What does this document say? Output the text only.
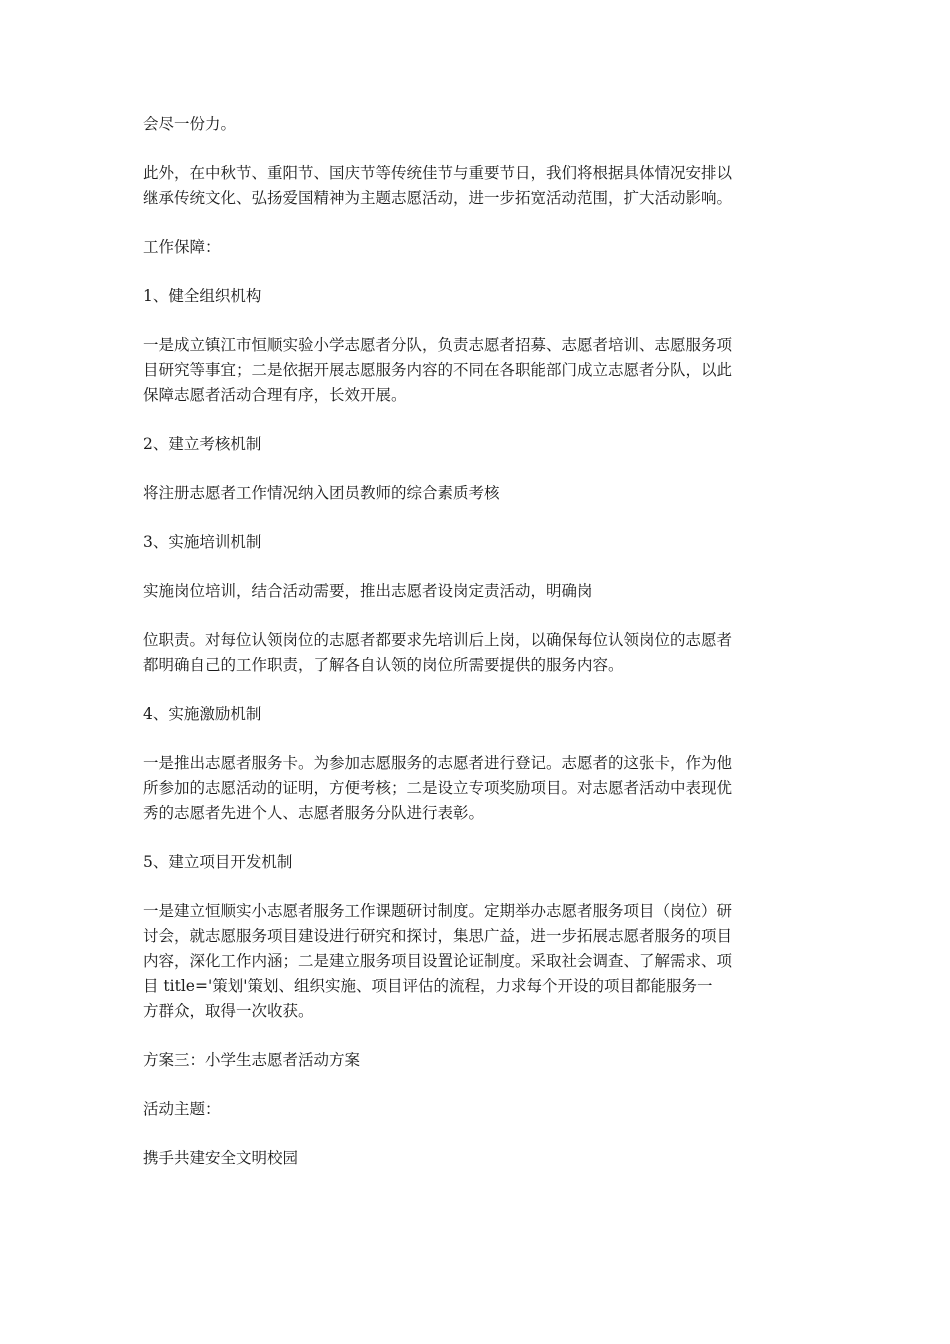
会尽一份力。

此外，在中秋节、重阳节、国庆节等传统佳节与重要节日，我们将根据具体情况安排以
继承传统文化、弘扬爱国精神为主题志愿活动，进一步拓宽活动范围，扩大活动影响。

工作保障：

1、健全组织机构

一是成立镇江市恒顺实验小学志愿者分队，负责志愿者招募、志愿者培训、志愿服务项
目研究等事宜；二是依据开展志愿服务内容的不同在各职能部门成立志愿者分队，以此
保障志愿者活动合理有序，长效开展。

2、建立考核机制

将注册志愿者工作情况纳入团员教师的综合素质考核

3、实施培训机制

实施岗位培训，结合活动需要，推出志愿者设岗定责活动，明确岗

位职责。对每位认领岗位的志愿者都要求先培训后上岗，以确保每位认领岗位的志愿者
都明确自己的工作职责，了解各自认领的岗位所需要提供的服务内容。

4、实施激励机制

一是推出志愿者服务卡。为参加志愿服务的志愿者进行登记。志愿者的这张卡，作为他
所参加的志愿活动的证明，方便考核；二是设立专项奖励项目。对志愿者活动中表现优
秀的志愿者先进个人、志愿者服务分队进行表彰。

5、建立项目开发机制

一是建立恒顺实小志愿者服务工作课题研讨制度。定期举办志愿者服务项目（岗位）研
讨会，就志愿服务项目建设进行研究和探讨，集思广益，进一步拓展志愿者服务的项目
内容，深化工作内涵；二是建立服务项目设置论证制度。采取社会调查、了解需求、项
目 title='策划'策划、组织实施、项目评估的流程，力求每个开设的项目都能服务一
方群众，取得一次收获。

方案三：小学生志愿者活动方案

活动主题：

携手共建安全文明校园
